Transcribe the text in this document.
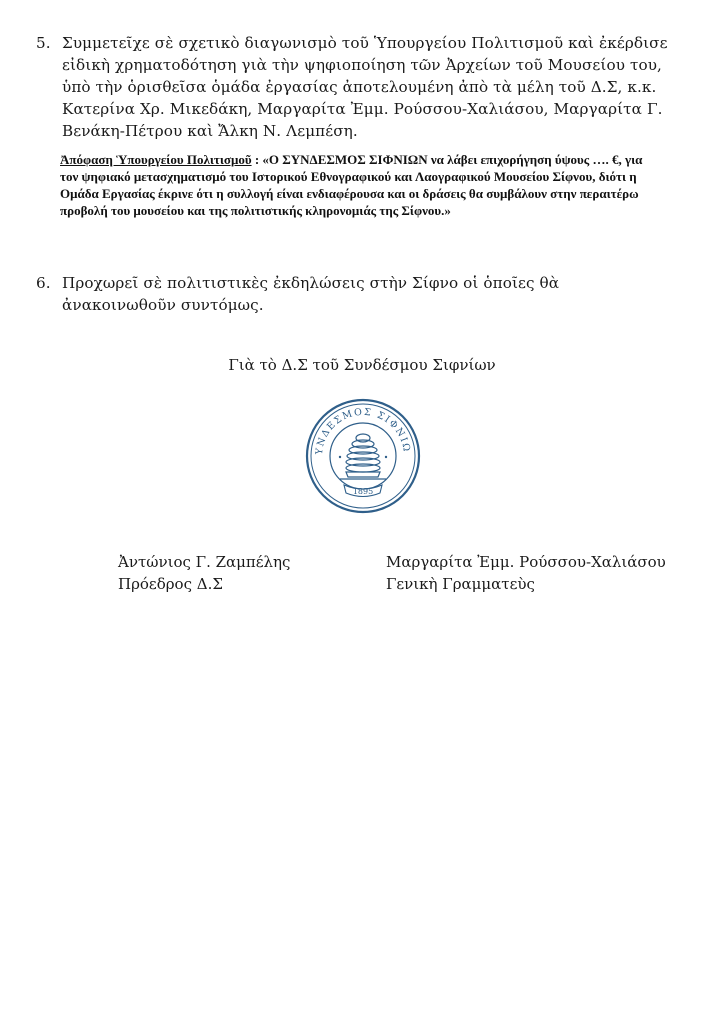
5. Συμμετεῖχε σὲ σχετικὸ διαγωνισμὸ τοῦ Ὑπουργείου Πολιτισμοῦ καὶ ἐκέρδισε εἰδικὴ χρηματοδότηση γιὰ τὴν ψηφιοποίηση τῶν Ἀρχείων τοῦ Μουσείου του, ὑπὸ τὴν ὁρισθεῖσα ὁμάδα ἐργασίας ἀποτελουμένη ἀπὸ τὰ μέλη τοῦ Δ.Σ, κ.κ. Κατερίνα Χρ. Μικεδάκη, Μαργαρίτα Ἐμμ. Ρούσσου-Χαλιάσου, Μαργαρίτα Γ. Βενάκη-Πέτρου καὶ Ἄλκη Ν. Λεμπέση.
Ἀπόφαση Ὑπουργείου Πολιτισμοῦ : «Ο ΣΥΝΔΕΣΜΟΣ ΣΙΦΝΙΩΝ να λάβει επιχορήγηση ύψους …. €, για τον ψηφιακό μετασχηματισμό του Ιστορικού Εθνογραφικού και Λαογραφικού Μουσείου Σίφνου, διότι η Ομάδα Εργασίας έκρινε ότι η συλλογή είναι ενδιαφέρουσα και οι δράσεις θα συμβάλουν στην περαιτέρω προβολή του μουσείου και της πολιτιστικής κληρονομιάς της Σίφνου.»
6. Προχωρεῖ σὲ πολιτιστικὲς ἐκδηλώσεις στὴν Σίφνο οἱ ὁποῖες θὰ ἀνακοινωθοῦν συντόμως.
Γιὰ τὸ Δ.Σ τοῦ Συνδέσμου Σιφνίων
ΥΝΔΕΣΜΟΣ ΣΙΦΝΙΩ
1895
Ἀντώνιος Γ. Ζαμπέλης
Πρόεδρος Δ.Σ
Μαργαρίτα Ἐμμ. Ρούσσου-Χαλιάσου
Γενικὴ Γραμματεὺς
